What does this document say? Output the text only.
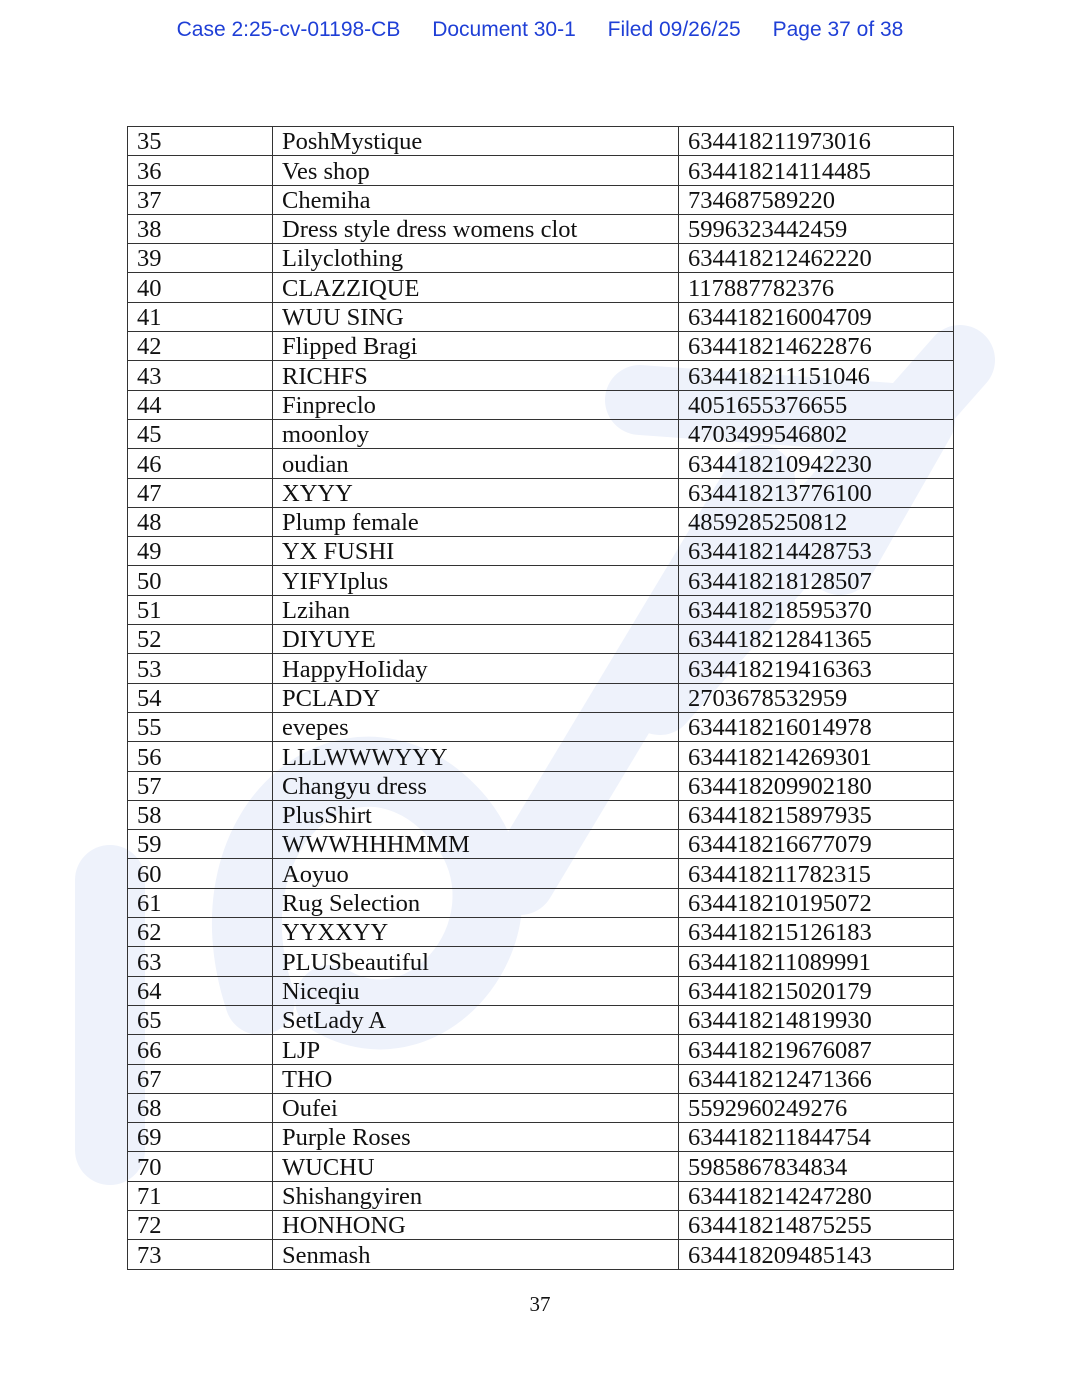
Case 2:25-cv-01198-CB Document 30-1 Filed 09/26/25 Page 37 of 38
35	PoshMystique	634418211973016
36	Ves shop	634418214114485
37	Chemiha	734687589220
38	Dress style dress womens clot	5996323442459
39	Lilyclothing	634418212462220
40	CLAZZIQUE	117887782376
41	WUU SING	634418216004709
42	Flipped Bragi	634418214622876
43	RICHFS	634418211151046
44	Finpreclo	4051655376655
45	moonloy	4703499546802
46	oudian	634418210942230
47	XYYY	634418213776100
48	Plump female	4859285250812
49	YX FUSHI	634418214428753
50	YIFYIplus	634418218128507
51	Lzihan	634418218595370
52	DIYUYE	634418212841365
53	HappyHoIiday	634418219416363
54	PCLADY	2703678532959
55	evepes	634418216014978
56	LLLWWWYYY	634418214269301
57	Changyu dress	634418209902180
58	PlusShirt	634418215897935
59	WWWHHHMMM	634418216677079
60	Aoyuo	634418211782315
61	Rug Selection	634418210195072
62	YYXXYY	634418215126183
63	PLUSbeautiful	634418211089991
64	Niceqiu	634418215020179
65	SetLady A	634418214819930
66	LJP	634418219676087
67	THO	634418212471366
68	Oufei	5592960249276
69	Purple Roses	634418211844754
70	WUCHU	5985867834834
71	Shishangyiren	634418214247280
72	HONHONG	634418214875255
73	Senmash	634418209485143
37
